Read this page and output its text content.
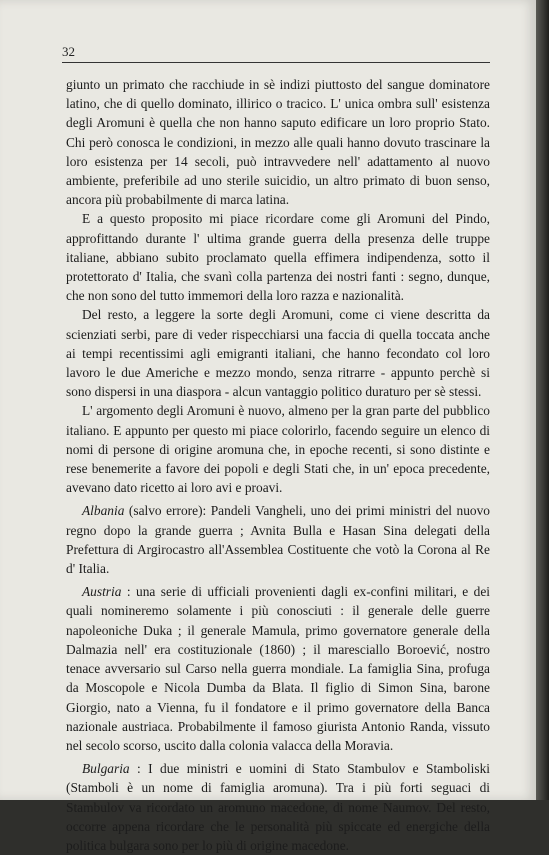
32

giunto un primato che racchiude in sè indizi piuttosto del sangue dominatore latino, che di quello dominato, illirico o tracico. L' unica ombra sull' esistenza degli Aromuni è quella che non hanno saputo edificare un loro proprio Stato. Chi però conosca le condizioni, in mezzo alle quali hanno dovuto trascinare la loro esistenza per 14 secoli, può intravvedere nell' adattamento al nuovo ambiente, preferibile ad uno sterile suicidio, un altro primato di buon senso, ancora più probabilmente di marca latina.

E a questo proposito mi piace ricordare come gli Aromuni del Pindo, approfittando durante l' ultima grande guerra della presenza delle truppe italiane, abbiano subito proclamato quella effimera indipendenza, sotto il protettorato d' Italia, che svanì colla partenza dei nostri fanti : segno, dunque, che non sono del tutto immemori della loro razza e nazionalità.

Del resto, a leggere la sorte degli Aromuni, come ci viene descritta da scienziati serbi, pare di veder rispecchiarsi una faccia di quella toccata anche ai tempi recentissimi agli emigranti italiani, che hanno fecondato col loro lavoro le due Americhe e mezzo mondo, senza ritrarre - appunto perchè si sono dispersi in una diaspora - alcun vantaggio politico duraturo per sè stessi.

L' argomento degli Aromuni è nuovo, almeno per la gran parte del pubblico italiano. E appunto per questo mi piace colorirlo, facendo seguire un elenco di nomi di persone di origine aromuna che, in epoche recenti, si sono distinte e rese benemerite a favore dei popoli e degli Stati che, in un' epoca precedente, avevano dato ricetto ai loro avi e proavi.

Albania (salvo errore): Pandeli Vangheli, uno dei primi ministri del nuovo regno dopo la grande guerra ; Avnita Bulla e Hasan Sina delegati della Prefettura di Argirocastro all'Assemblea Costituente che votò la Corona al Re d' Italia.

Austria : una serie di ufficiali provenienti dagli ex-confini militari, e dei quali nomineremo solamente i più conosciuti : il generale delle guerre napoleoniche Duka ; il generale Mamula, primo governatore generale della Dalmazia nell' era costituzionale (1860) ; il maresciallo Boroević, nostro tenace avversario sul Carso nella guerra mondiale. La famiglia Sina, profuga da Moscopole e Nicola Dumba da Blata. Il figlio di Simon Sina, barone Giorgio, nato a Vienna, fu il fondatore e il primo governatore della Banca nazionale austriaca. Probabilmente il famoso giurista Antonio Randa, vissuto nel secolo scorso, uscito dalla colonia valacca della Moravia.

Bulgaria : I due ministri e uomini di Stato Stambulov e Stamboliski (Stamboli è un nome di famiglia aromuna). Tra i più forti seguaci di Stambulov va ricordato un aromuno macedone, di nome Naumov. Del resto, occorre appena ricordare che le personalità più spiccate ed energiche della politica bulgara sono per lo più di origine macedone.
